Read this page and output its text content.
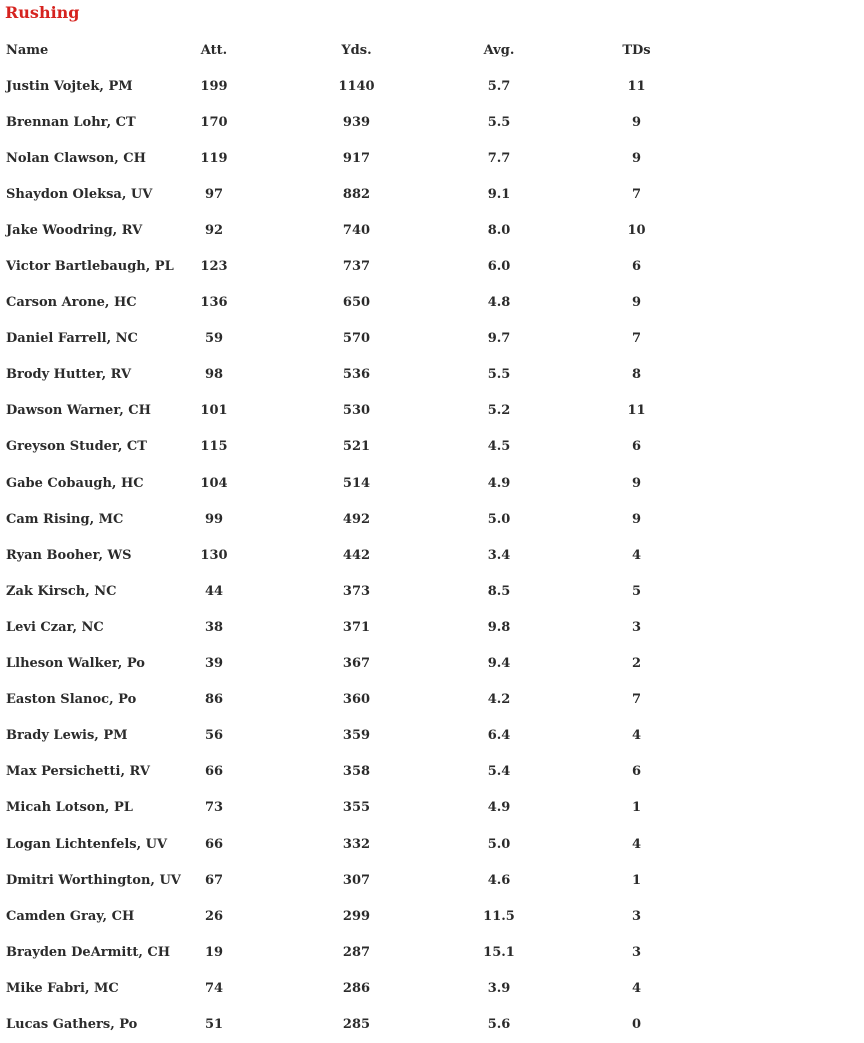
Rushing
Name	Att.	Yds.	Avg.	TDs
Justin Vojtek, PM	199	1140	5.7	11
Brennan Lohr, CT	170	939	5.5	9
Nolan Clawson, CH	119	917	7.7	9
Shaydon Oleksa, UV	97	882	9.1	7
Jake Woodring, RV	92	740	8.0	10
Victor Bartlebaugh, PL	123	737	6.0	6
Carson Arone, HC	136	650	4.8	9
Daniel Farrell, NC	59	570	9.7	7
Brody Hutter, RV	98	536	5.5	8
Dawson Warner, CH	101	530	5.2	11
Greyson Studer, CT	115	521	4.5	6
Gabe Cobaugh, HC	104	514	4.9	9
Cam Rising, MC	99	492	5.0	9
Ryan Booher, WS	130	442	3.4	4
Zak Kirsch, NC	44	373	8.5	5
Levi Czar, NC	38	371	9.8	3
Llheson Walker, Po	39	367	9.4	2
Easton Slanoc, Po	86	360	4.2	7
Brady Lewis, PM	56	359	6.4	4
Max Persichetti, RV	66	358	5.4	6
Micah Lotson, PL	73	355	4.9	1
Logan Lichtenfels, UV	66	332	5.0	4
Dmitri Worthington, UV	67	307	4.6	1
Camden Gray, CH	26	299	11.5	3
Brayden DeArmitt, CH	19	287	15.1	3
Mike Fabri, MC	74	286	3.9	4
Lucas Gathers, Po	51	285	5.6	0
